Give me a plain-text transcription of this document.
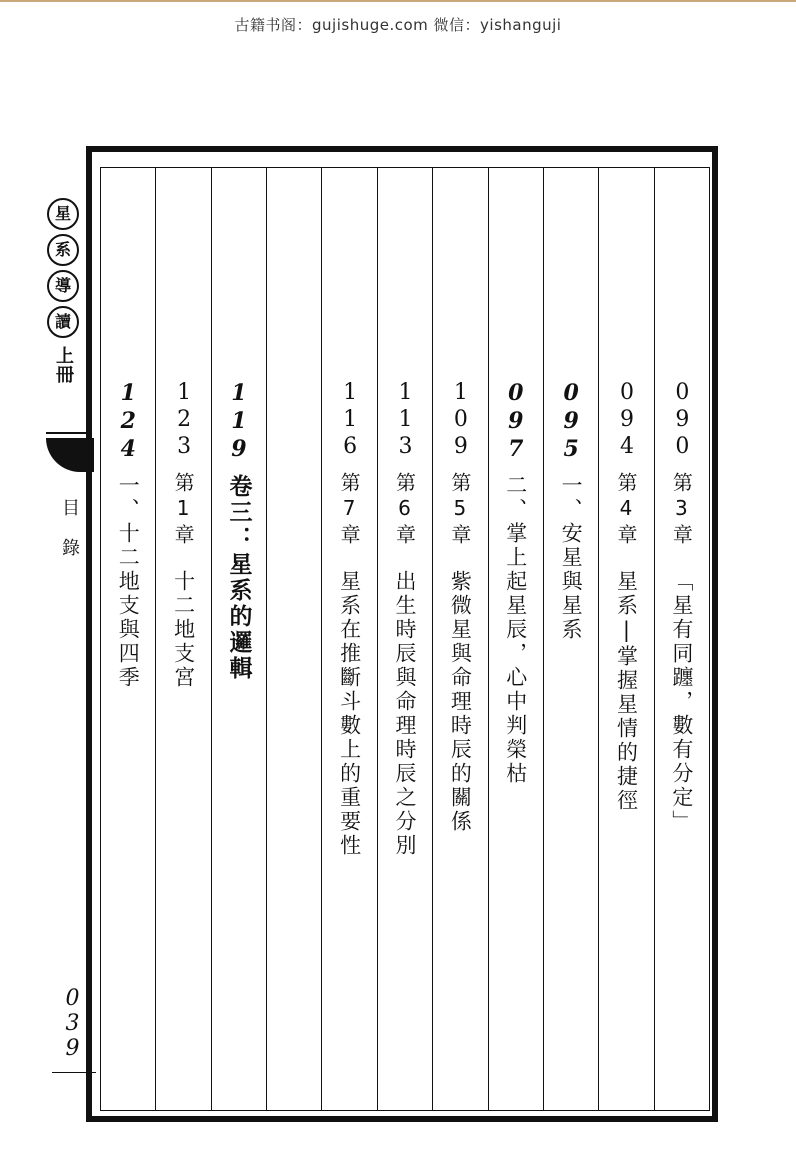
古籍书阁：gujishuge.com 微信：yishanguji
星
系
導
讀
上冊
目錄
039
090
第3章
「星有同躔，數有分定」
094
第4章
星系|掌握星情的捷徑
095
一、安星與星系
097
二、掌上起星辰，心中判榮枯
109
第5章
紫微星與命理時辰的關係
113
第6章
出生時辰與命理時辰之分別
116
第7章
星系在推斷斗數上的重要性
119
卷三：星系的邏輯
123
第1章
十二地支宮
124
一、十二地支與四季
